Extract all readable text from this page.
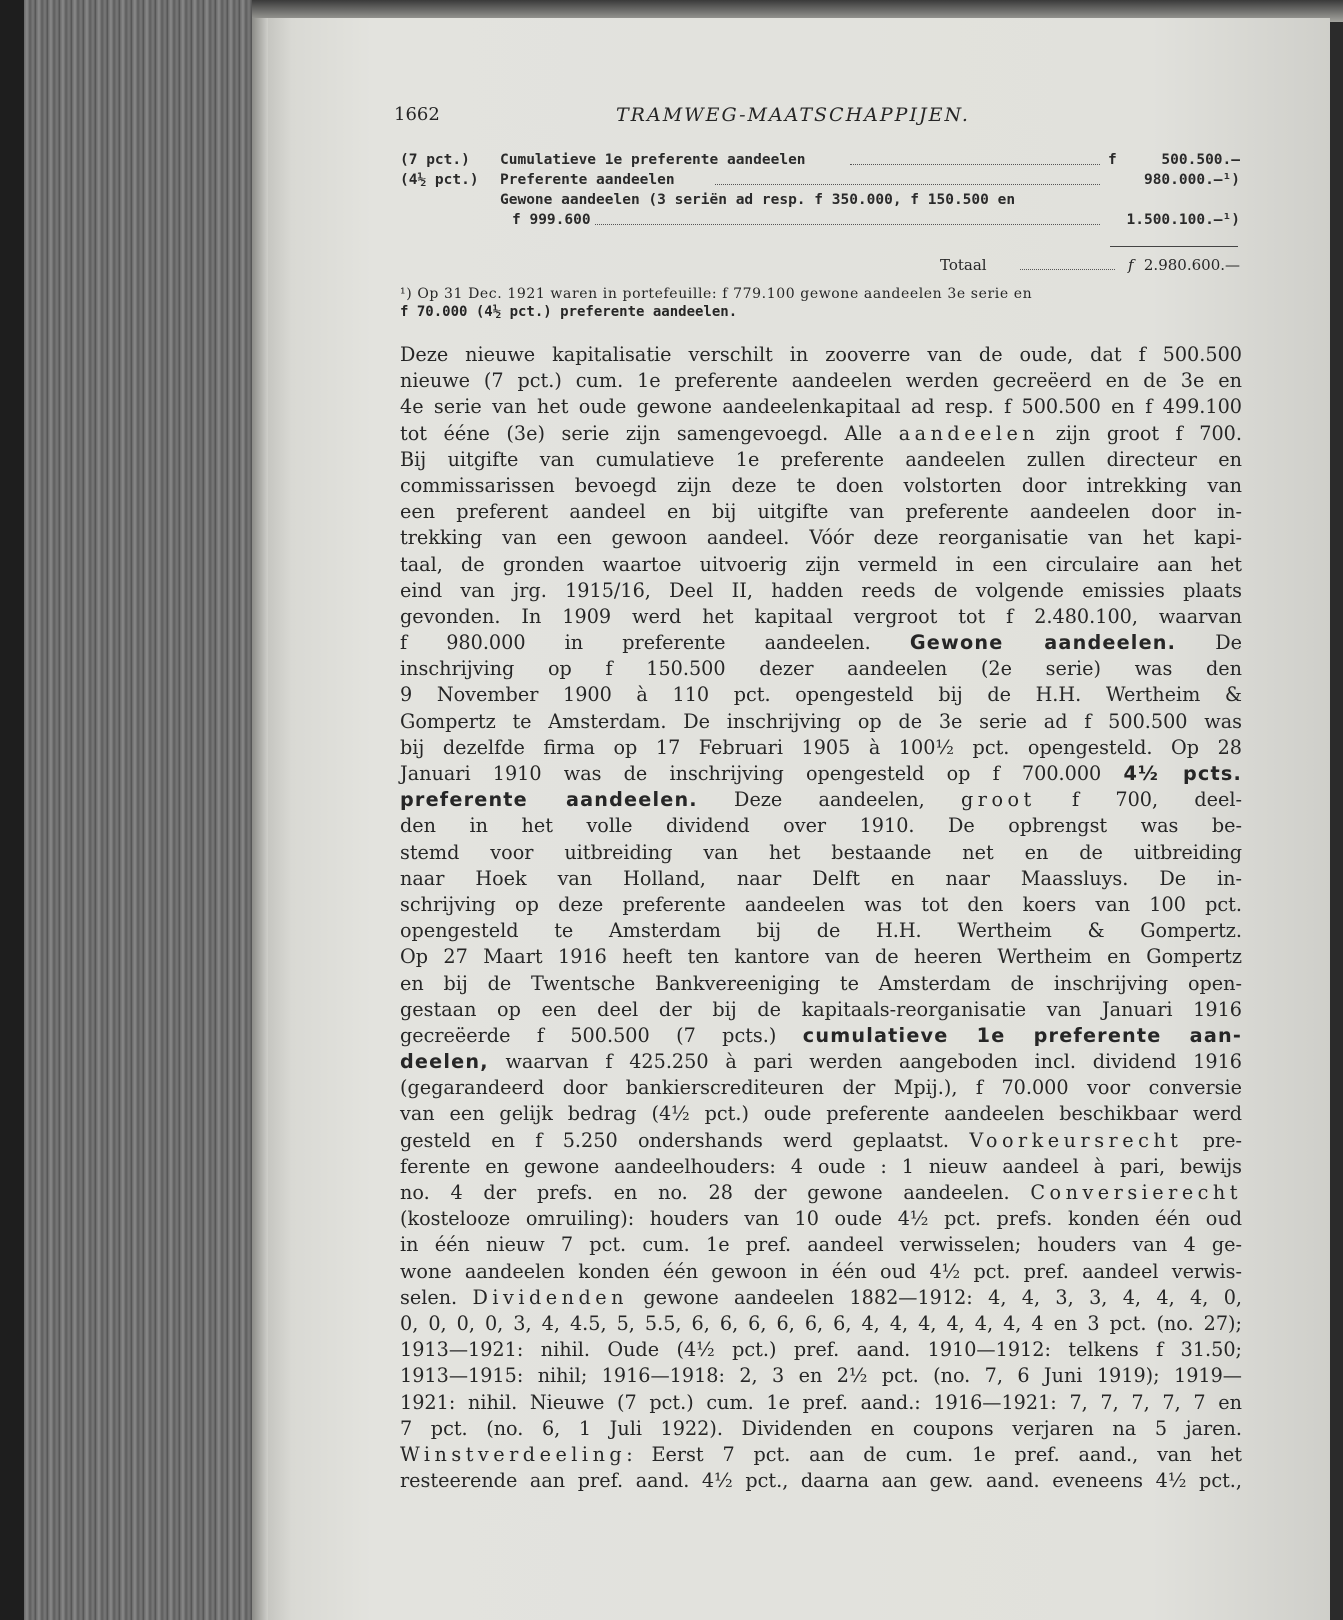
1662	TRAMWEG-MAATSCHAPPIJEN.
(7 pct.) Cumulatieve 1e preferente aandeelen	f	500.500.—
(4½ pct.) Preferente aandeelen	980.000.—¹)
Gewone aandeelen (3 seriën ad resp. f 350.000, f 150.500 en
f 999.600	1.500.100.—¹)
Totaal	f 2.980.600.—
¹) Op 31 Dec. 1921 waren in portefeuille: f 779.100 gewone aandeelen 3e serie en
f 70.000 (4½ pct.) preferente aandeelen.
Deze nieuwe kapitalisatie verschilt in zooverre van de oude, dat f 500.500
nieuwe (7 pct.) cum. 1e preferente aandeelen werden gecreëerd en de 3e en
4e serie van het oude gewone aandeelenkapitaal ad resp. f 500.500 en f 499.100
tot ééne (3e) serie zijn samengevoegd. Alle aandeelen zijn groot f 700.
Bij uitgifte van cumulatieve 1e preferente aandeelen zullen directeur en
commissarissen bevoegd zijn deze te doen volstorten door intrekking van
een preferent aandeel en bij uitgifte van preferente aandeelen door in-
trekking van een gewoon aandeel. Vóór deze reorganisatie van het kapi-
taal, de gronden waartoe uitvoerig zijn vermeld in een circulaire aan het
eind van jrg. 1915/16, Deel II, hadden reeds de volgende emissies plaats
gevonden. In 1909 werd het kapitaal vergroot tot f 2.480.100, waarvan
f 980.000 in preferente aandeelen. Gewone aandeelen. De
inschrijving op f 150.500 dezer aandeelen (2e serie) was den
9 November 1900 à 110 pct. opengesteld bij de H.H. Wertheim &
Gompertz te Amsterdam. De inschrijving op de 3e serie ad f 500.500 was
bij dezelfde firma op 17 Februari 1905 à 100½ pct. opengesteld. Op 28
Januari 1910 was de inschrijving opengesteld op f 700.000 4½ pcts.
preferente aandeelen. Deze aandeelen, groot f 700, deel-
den in het volle dividend over 1910. De opbrengst was be-
stemd voor uitbreiding van het bestaande net en de uitbreiding
naar Hoek van Holland, naar Delft en naar Maassluys. De in-
schrijving op deze preferente aandeelen was tot den koers van 100 pct.
opengesteld te Amsterdam bij de H.H. Wertheim & Gompertz.
Op 27 Maart 1916 heeft ten kantore van de heeren Wertheim en Gompertz
en bij de Twentsche Bankvereeniging te Amsterdam de inschrijving open-
gestaan op een deel der bij de kapitaals-reorganisatie van Januari 1916
gecreëerde f 500.500 (7 pcts.) cumulatieve 1e preferente aan-
deelen, waarvan f 425.250 à pari werden aangeboden incl. dividend 1916
(gegarandeerd door bankierscrediteuren der Mpij.), f 70.000 voor conversie
van een gelijk bedrag (4½ pct.) oude preferente aandeelen beschikbaar werd
gesteld en f 5.250 ondershands werd geplaatst. Voorkeursrecht pre-
ferente en gewone aandeelhouders: 4 oude : 1 nieuw aandeel à pari, bewijs
no. 4 der prefs. en no. 28 der gewone aandeelen. Conversierecht
(kostelooze omruiling): houders van 10 oude 4½ pct. prefs. konden één oud
in één nieuw 7 pct. cum. 1e pref. aandeel verwisselen; houders van 4 ge-
wone aandeelen konden één gewoon in één oud 4½ pct. pref. aandeel verwis-
selen. Dividenden gewone aandeelen 1882—1912: 4, 4, 3, 3, 4, 4, 4, 0,
0, 0, 0, 0, 3, 4, 4.5, 5, 5.5, 6, 6, 6, 6, 6, 6, 4, 4, 4, 4, 4, 4, 4 en 3 pct. (no. 27);
1913—1921: nihil. Oude (4½ pct.) pref. aand. 1910—1912: telkens f 31.50;
1913—1915: nihil; 1916—1918: 2, 3 en 2½ pct. (no. 7, 6 Juni 1919); 1919—
1921: nihil. Nieuwe (7 pct.) cum. 1e pref. aand.: 1916—1921: 7, 7, 7, 7, 7 en
7 pct. (no. 6, 1 Juli 1922). Dividenden en coupons verjaren na 5 jaren.
Winstverdeeling: Eerst 7 pct. aan de cum. 1e pref. aand., van het
resteerende aan pref. aand. 4½ pct., daarna aan gew. aand. eveneens 4½ pct.,
